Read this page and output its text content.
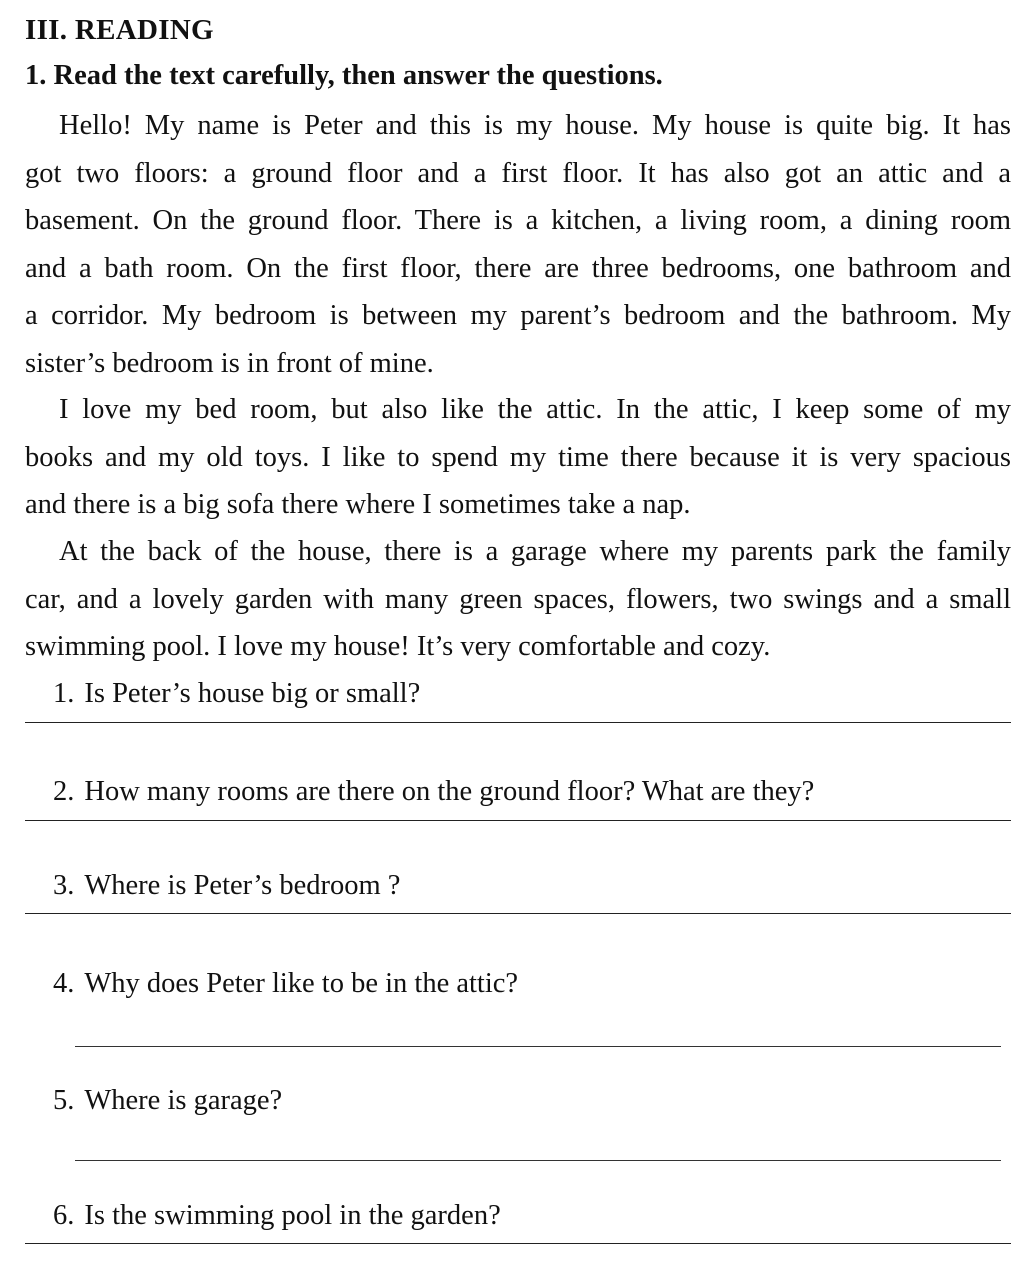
III. READING
1. Read the text carefully, then answer the questions.
Hello! My name is Peter and this is my house. My house is quite big. It has
got two floors: a ground floor and a first floor. It has also got an attic and a
basement. On the ground floor. There is a kitchen, a living room, a dining room
and a bath room. On the first floor, there are three bedrooms, one bathroom and
a corridor. My bedroom is between my parent’s bedroom and the bathroom. My
sister’s bedroom is in front of mine.
I love my bed room, but also like the attic. In the attic, I keep some of my
books and my old toys. I like to spend my time there because it is very spacious
and there is a big sofa there where I sometimes take a nap.
At the back of the house, there is a garage where my parents park the family
car, and a lovely garden with many green spaces, flowers, two swings and a small
swimming pool. I love my house! It’s very comfortable and cozy.
1. Is Peter’s house big or small?
2. How many rooms are there on the ground floor? What are they?
3. Where is Peter’s bedroom ?
4. Why does Peter like to be in the attic?
5. Where is garage?
6. Is the swimming pool in the garden?
